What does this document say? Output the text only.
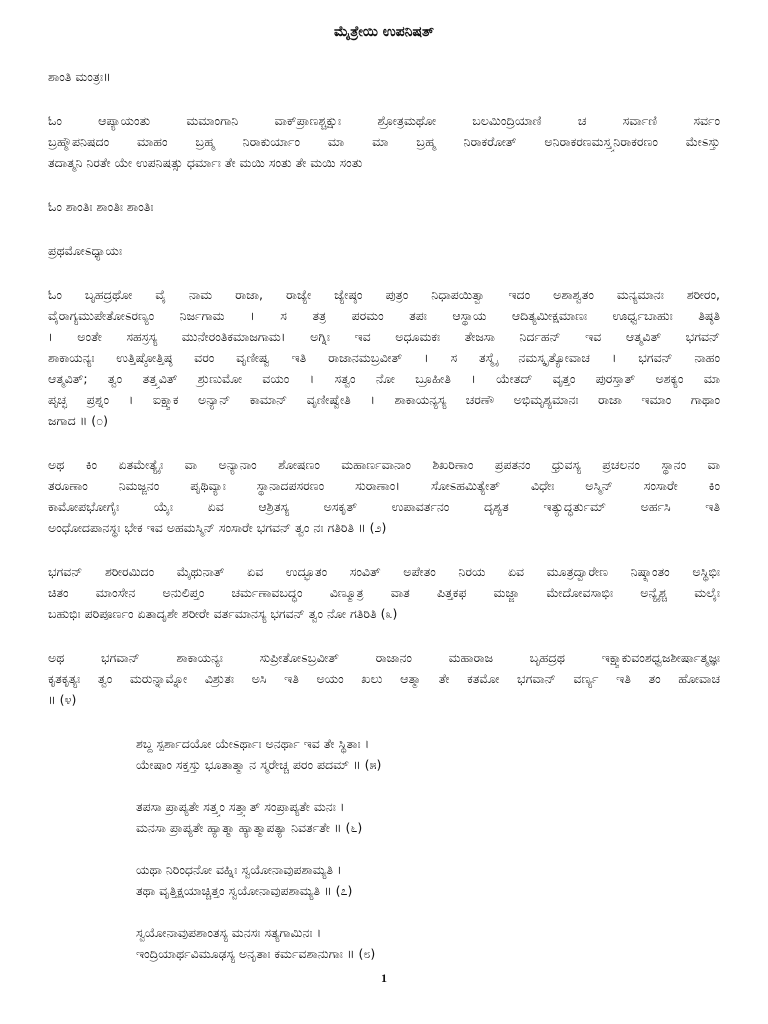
ಮೈತ್ರೇಯಿ ಉಪನಿಷತ್

ಶಾಂತಿ ಮಂತ್ರಃ॥

ಓಂ ಆಪ್ಯಾಯಂತು ಮಮಾಂಗಾನಿ ವಾಕ್‌ಪ್ರಾಣಶ್ಚಕ್ಷುಃ ಶ್ರೋತ್ರಮಥೋ ಬಲಮಿಂದ್ರಿಯಾಣಿ ಚ ಸರ್ವಾಣಿ ಸರ್ವಂ

ಬ್ರಹ್ಮೌಪನಿಷದಂ ಮಾಹಂ ಬ್ರಹ್ಮ ನಿರಾಕುರ್ಯಾಂ ಮಾ ಮಾ ಬ್ರಹ್ಮ ನಿರಾಕರೋತ್ ಅನಿರಾಕರಣಮಸ್ತ್ವನಿರಾಕರಣಂ ಮೇಽಸ್ತು

ತದಾತ್ಮನಿ ನಿರತೇ ಯೇ ಉಪನಿಷತ್ಸು ಧರ್ಮಾಃ ತೇ ಮಯಿ ಸಂತು ತೇ ಮಯಿ ಸಂತು

ಓಂ ಶಾಂತಿಃ ಶಾಂತಿಃ ಶಾಂತಿಃ

ಪ್ರಥಮೋಽಧ್ಯಾಯಃ

ಓಂ ಬೃಹದ್ರಥೋ ವೈ ನಾಮ ರಾಜಾ, ರಾಜ್ಯೇ ಜ್ಯೇಷ್ಠಂ ಪುತ್ರಂ ನಿಧಾಪಯಿತ್ವಾ ಇದಂ ಅಶಾಶ್ವತಂ ಮನ್ಯಮಾನಃ ಶರೀರಂ,

ವೈರಾಗ್ಯಮುಪೇತೋಽರಣ್ಯಂ ನಿರ್ಜಗಾಮ । ಸ ತತ್ರ ಪರಮಂ ತಪಃ ಆಸ್ಥಾಯ ಆದಿತ್ಯಮೀಕ್ಷಮಾಣಃ ಊರ್ಧ್ವಬಾಹುಃ ತಿಷ್ಠತಿ

। ಅಂತೇ ಸಹಸ್ರಸ್ಯ ಮುನೇರಂತಿಕಮಾಜಗಾಮ। ಅಗ್ನಿಃ ಇವ ಅಧೂಮಕಃ ತೇಜಸಾ ನಿರ್ದಹನ್ ಇವ ಆತ್ಮವಿತ್ ಭಗವನ್

ಶಾಕಾಯನ್ಯಃ ಉತ್ತಿಷ್ಠೋತ್ತಿಷ್ಠ ವರಂ ವೃಣೀಷ್ವ ಇತಿ ರಾಜಾನಮಬ್ರವೀತ್ । ಸ ತಸ್ಮೈ ನಮಸ್ಕೃತ್ಯೋವಾಚ । ಭಗವನ್ ನಾಹಂ

ಆತ್ಮವಿತ್; ತ್ವಂ ತತ್ತ್ವವಿತ್ ಶ್ರುಣುಮೋ ವಯಂ । ಸತ್ವಂ ನೋ ಬ್ರೂಹೀತಿ । ಯೇತದ್ ವೃತ್ತಂ ಪುರಸ್ತಾತ್ ಅಶಕ್ಯಂ ಮಾ

ಪೃಚ್ಛ ಪ್ರಶ್ನಂ । ಐಕ್ಷ್ವಾಕ ಅನ್ಯಾನ್ ಕಾಮಾನ್ ವೃಣೀಷ್ವೇತಿ । ಶಾಕಾಯನ್ಯಸ್ಯ ಚರಣೌ ಅಭಿಮೃಶ್ಯಮಾನಃ ರಾಜಾ ಇಮಾಂ ಗಾಥಾಂ

ಜಗಾದ ॥ (೦)

ಅಥ ಕಿಂ ಏತಮೇತ್ಯೈಃ ವಾ ಅನ್ಯಾನಾಂ ಶೋಷಣಂ ಮಹಾರ್ಣವಾನಾಂ ಶಿಖರಿಣಾಂ ಪ್ರಪತನಂ ಧ್ರುವಸ್ಯ ಪ್ರಚಲನಂ ಸ್ಥಾನಂ ವಾ

ತರೂಣಾಂ ನಿಮಜ್ಜನಂ ಪೃಥಿವ್ಯಾಃ ಸ್ಥಾನಾದಪಸರಣಂ ಸುರಾಣಾಂ। ಸೋಽಹಮಿತ್ಯೇತ್ ವಿಧೇಃ ಅಸ್ಮಿನ್ ಸಂಸಾರೇ ಕಿಂ

ಕಾಮೋಪಭೋಗೈಃ ಯೈಃ ಏವ ಆಶ್ರಿತಸ್ಯ ಅಸಕೃತ್ ಉಪಾವರ್ತನಂ ದೃಶ್ಯತ ಇತ್ಯುದ್ಧರ್ತುಮ್ ಅರ್ಹಸಿ ಇತಿ

ಅಂಧೋದಪಾನಸ್ಥಃ ಭೇಕ ಇವ ಅಹಮಸ್ಮಿನ್ ಸಂಸಾರೇ ಭಗವನ್ ತ್ವಂ ನಃ ಗತಿರಿತಿ ॥ (೨)

ಭಗವನ್ ಶರೀರಮಿದಂ ಮೈಥುನಾತ್ ಏವ ಉದ್ಭೂತಂ ಸಂವಿತ್ ಅಪೇತಂ ನಿರಯ ಏವ ಮೂತ್ರದ್ವಾರೇಣ ನಿಷ್ಕ್ರಾಂತಂ ಅಸ್ಥಿಭಿಃ

ಚಿತಂ ಮಾಂಸೇನ ಅನುಲಿಪ್ತಂ ಚರ್ಮಣಾವಬದ್ಧಂ ವಿಣ್ಮೂತ್ರ ವಾತ ಪಿತ್ತಕಫ ಮಜ್ಜಾ ಮೇದೋವಸಾಭಿಃ ಅನ್ಯೈಶ್ಚ ಮಲೈಃ

ಬಹುಭಿಃ ಪರಿಪೂರ್ಣಂ ಏತಾದೃಶೇ ಶರೀರೇ ವರ್ತಮಾನಸ್ಯ ಭಗವನ್ ತ್ವಂ ನೋ ಗತಿರಿತಿ (೩)

ಅಥ ಭಗವಾನ್ ಶಾಕಾಯನ್ಯಃ ಸುಪ್ರೀತೋಽಬ್ರವೀತ್ ರಾಜಾನಂ ಮಹಾರಾಜ ಬೃಹದ್ರಥ ಇಕ್ಷ್ವಾಕುವಂಶಧ್ವಜಶೀರ್ಷಾತ್ಮಜ್ಞಃ

ಕೃತಕೃತ್ಯಃ ತ್ವಂ ಮರುನ್ನಾಮ್ನೋ ವಿಶ್ರುತಃ ಅಸಿ ಇತಿ ಅಯಂ ಖಲು ಆತ್ಮಾ ತೇ ಕತಮೋ ಭಗವಾನ್ ವರ್ಣ್ಯ ಇತಿ ತಂ ಹೋವಾಚ

॥ (೪)

ಶಬ್ದ ಸ್ಪರ್ಶಾದಯೋ ಯೇಽರ್ಥಾಃ ಅನರ್ಥಾ ಇವ ತೇ ಸ್ಥಿತಾಃ ।

ಯೇಷಾಂ ಸಕ್ತಸ್ತು ಭೂತಾತ್ಮಾ ನ ಸ್ಮರೇಚ್ಚ ಪರಂ ಪದಮ್ ॥ (೫)

ತಪಸಾ ಪ್ರಾಪ್ಯತೇ ಸತ್ತ್ವಂ ಸತ್ತ್ವಾತ್ ಸಂಪ್ರಾಪ್ಯತೇ ಮನಃ ।

ಮನಸಾ ಪ್ರಾಪ್ಯತೇ ಹ್ಯಾತ್ಮಾ ಹ್ಯಾತ್ಮಾಪತ್ಯಾ ನಿವರ್ತತೇ ॥ (೬)

ಯಥಾ ನಿರಿಂಧನೋ ವಹ್ನಿಃ ಸ್ವಯೋನಾವುಪಶಾಮ್ಯತಿ ।

ತಥಾ ವೃತ್ತಿಕ್ಷಯಾಚ್ಚಿತ್ತಂ ಸ್ವಯೋನಾವುಪಶಾಮ್ಯತಿ ॥ (೭)

ಸ್ವಯೋನಾವುಪಶಾಂತಸ್ಯ ಮನಸಃ ಸತ್ಯಗಾಮಿನಃ ।

ಇಂದ್ರಿಯಾರ್ಥವಿಮೂಢಸ್ಯ ಅನೃತಾಃ ಕರ್ಮವಶಾನುಗಾಃ ॥ (೮)

1
